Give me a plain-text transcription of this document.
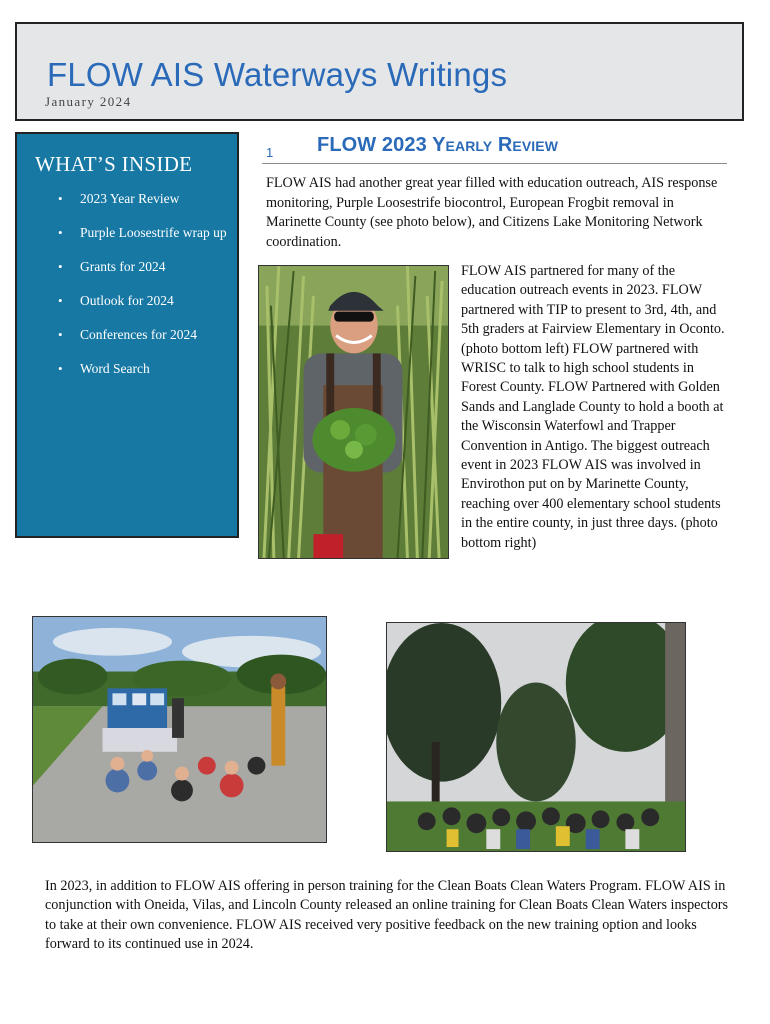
FLOW AIS Waterways Writings
January 2024
WHAT’S INSIDE
• 2023 Year Review
• Purple Loosestrife wrap up
• Grants for 2024
• Outlook for 2024
• Conferences for 2024
• Word Search
1 FLOW 2023 Yearly Review

FLOW AIS had another great year filled with education outreach, AIS response monitoring, Purple Loosestrife biocontrol, European Frogbit removal in Marinette County (see photo below), and Citizens Lake Monitoring Network coordination.

FLOW AIS partnered for many of the education outreach events in 2023. FLOW partnered with TIP to present to 3rd, 4th, and 5th graders at Fairview Elementary in Oconto. (photo bottom left) FLOW partnered with WRISC to talk to high school students in Forest County. FLOW Partnered with Golden Sands and Langlade County to hold a booth at the Wisconsin Waterfowl and Trapper Convention in Antigo. The biggest outreach event in 2023 FLOW AIS was involved in Envirothon put on by Marinette County, reaching over 400 elementary school students in the entire county, in just three days. (photo bottom right)

In 2023, in addition to FLOW AIS offering in person training for the Clean Boats Clean Waters Program. FLOW AIS in conjunction with Oneida, Vilas, and Lincoln County released an online training for Clean Boats Clean Waters inspectors to take at their own convenience. FLOW AIS received very positive feedback on the new training option and looks forward to its continued use in 2024.
